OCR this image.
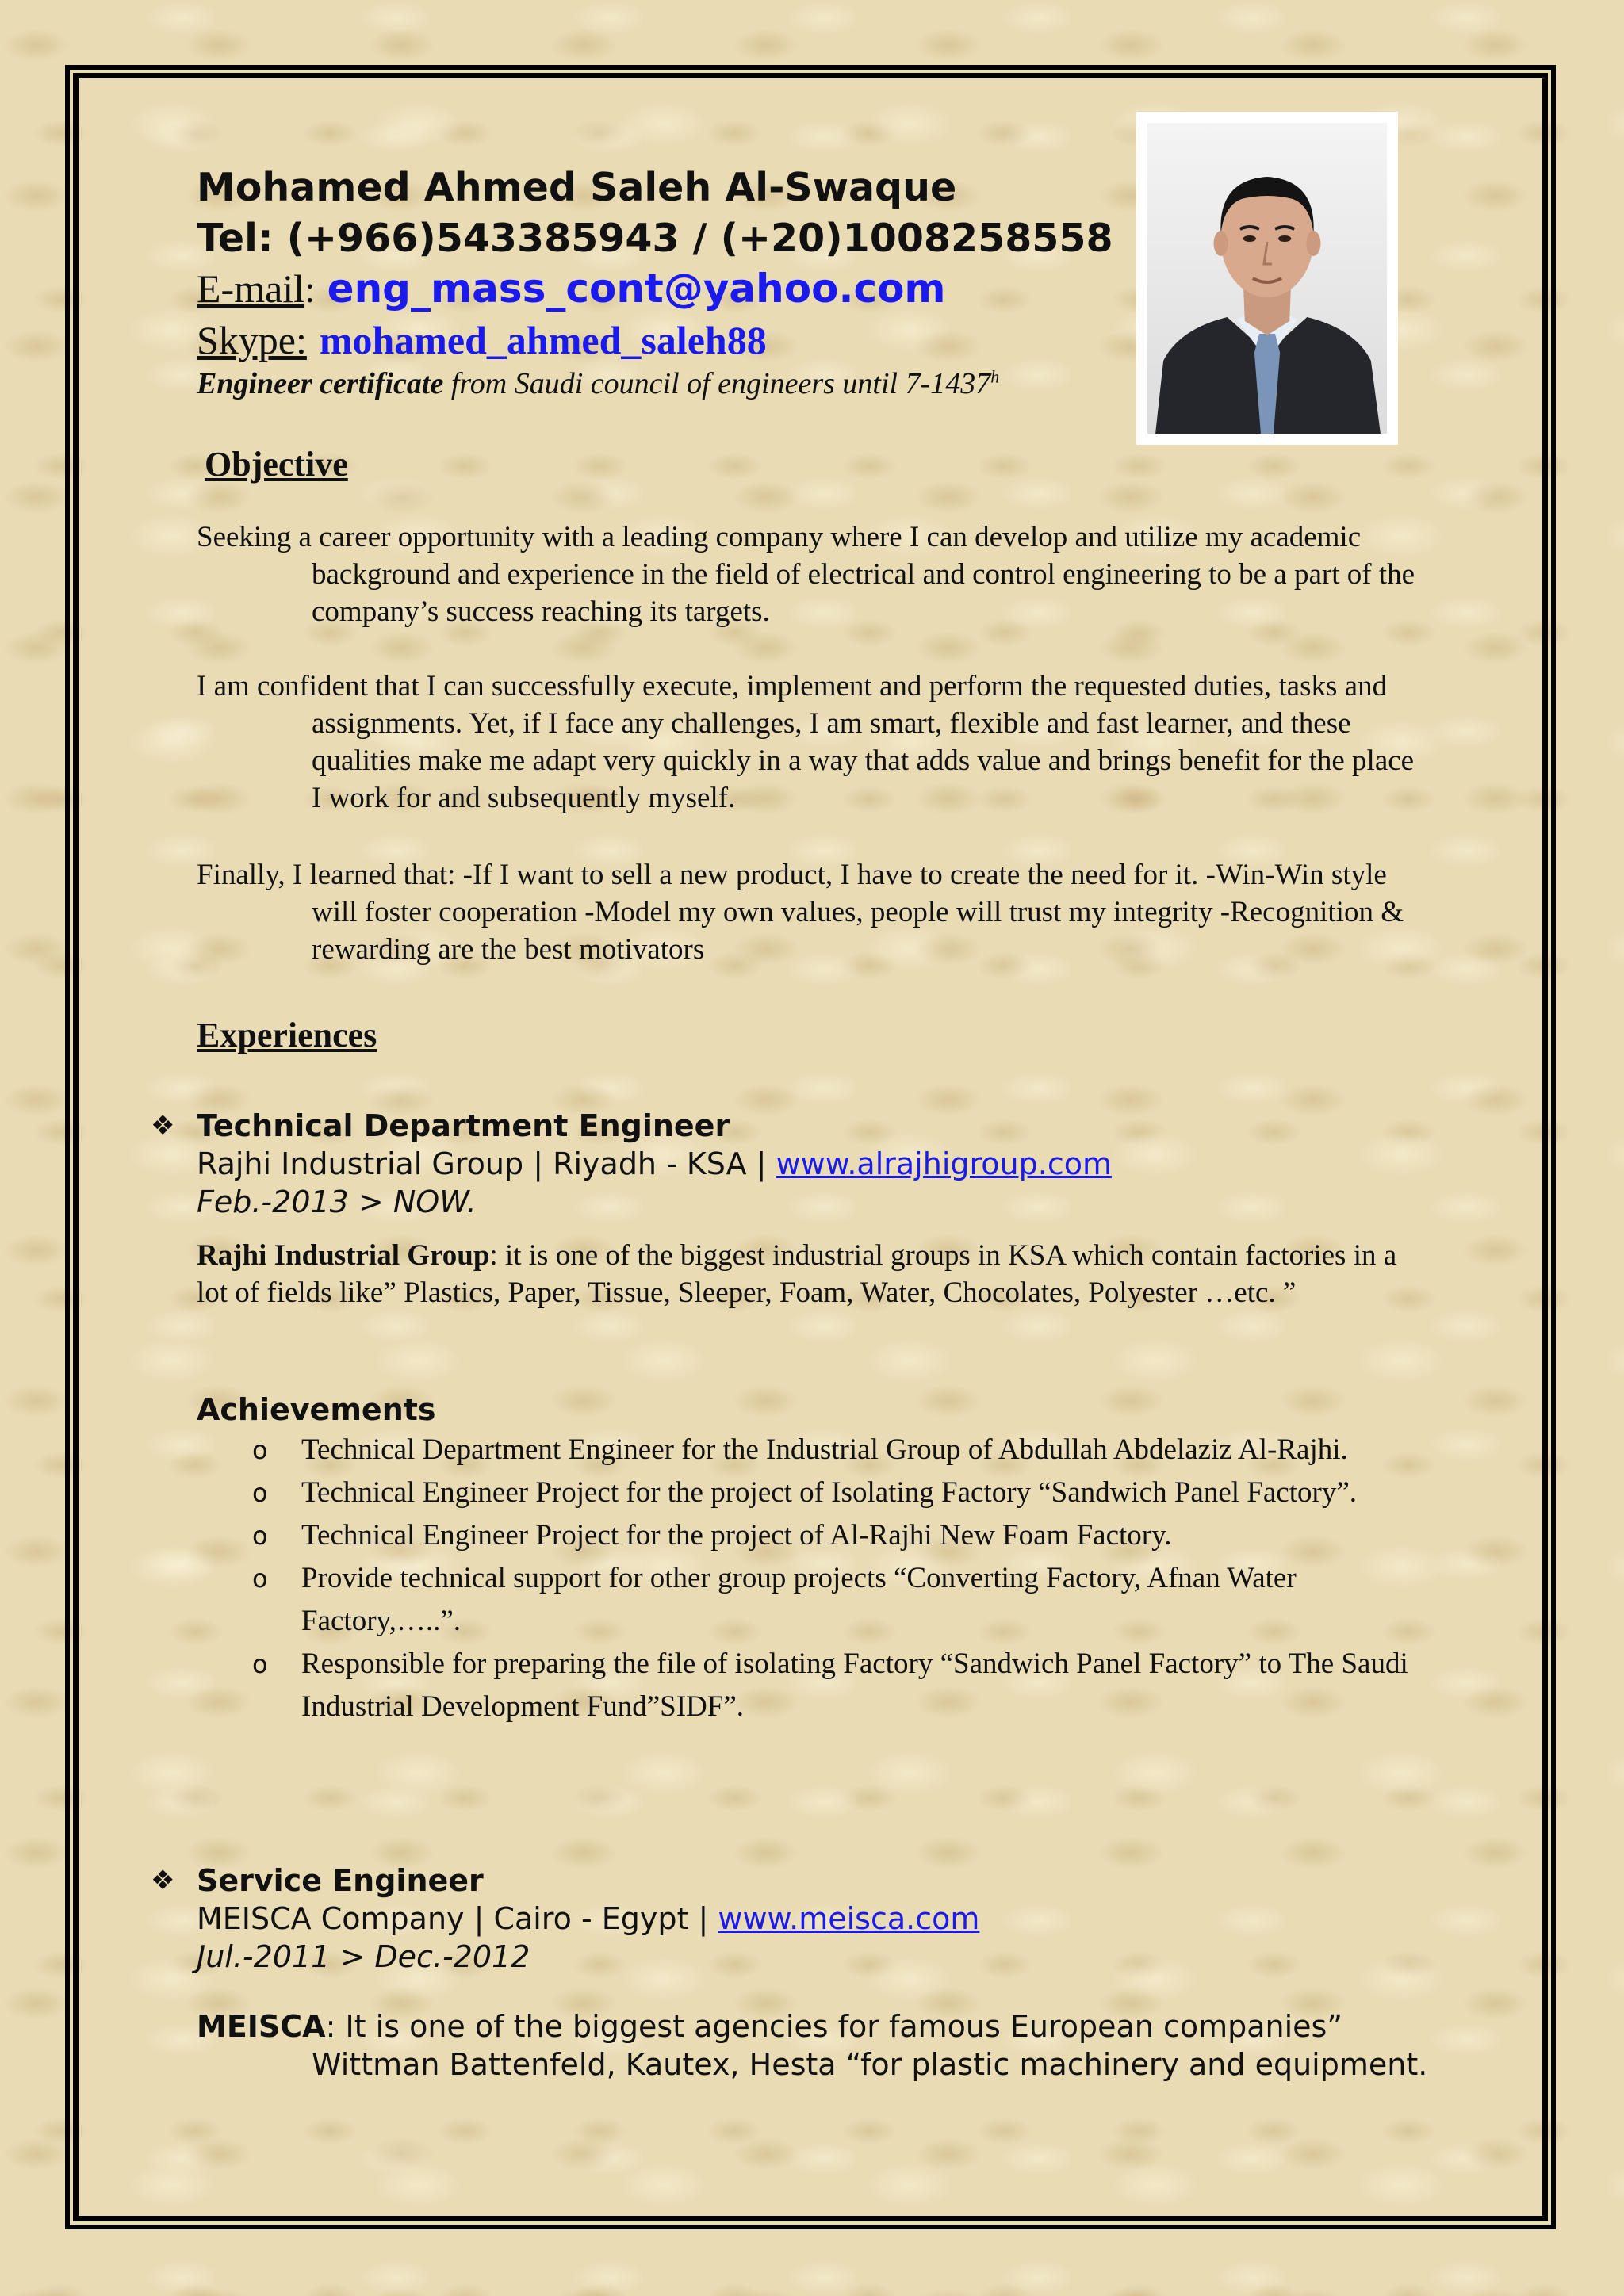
Mohamed Ahmed Saleh Al-Swaque
Tel: (+966)543385943 / (+20)1008258558
E-mail: eng_mass_cont@yahoo.com
Skype: mohamed_ahmed_saleh88
Engineer certificate from Saudi council of engineers until 7-1437$^h$
Objective
Seeking a career opportunity with a leading company where I can develop and utilize my academic background and experience in the field of electrical and control engineering to be a part of the company’s success reaching its targets.
I am confident that I can successfully execute, implement and perform the requested duties, tasks and assignments. Yet, if I face any challenges, I am smart, flexible and fast learner, and these qualities make me adapt very quickly in a way that adds value and brings benefit for the place I work for and subsequently myself.
Finally, I learned that: -If I want to sell a new product, I have to create the need for it. -Win-Win style will foster cooperation -Model my own values, people will trust my integrity -Recognition & rewarding are the best motivators
Experiences
❖ Technical Department Engineer
Rajhi Industrial Group | Riyadh - KSA | www.alrajhigroup.com
Feb.-2013 > NOW.
Rajhi Industrial Group: it is one of the biggest industrial groups in KSA which contain factories in a lot of fields like” Plastics, Paper, Tissue, Sleeper, Foam, Water, Chocolates, Polyester …etc. ”
Achievements
o Technical Department Engineer for the Industrial Group of Abdullah Abdelaziz Al-Rajhi.
o Technical Engineer Project for the project of Isolating Factory “Sandwich Panel Factory”.
o Technical Engineer Project for the project of Al-Rajhi New Foam Factory.
o Provide technical support for other group projects “Converting Factory, Afnan Water Factory,…..”.
o Responsible for preparing the file of isolating Factory “Sandwich Panel Factory” to The Saudi Industrial Development Fund”SIDF”.
❖ Service Engineer
MEISCA Company | Cairo - Egypt | www.meisca.com
Jul.-2011 > Dec.-2012
MEISCA: It is one of the biggest agencies for famous European companies” Wittman Battenfeld, Kautex, Hesta “for plastic machinery and equipment.
